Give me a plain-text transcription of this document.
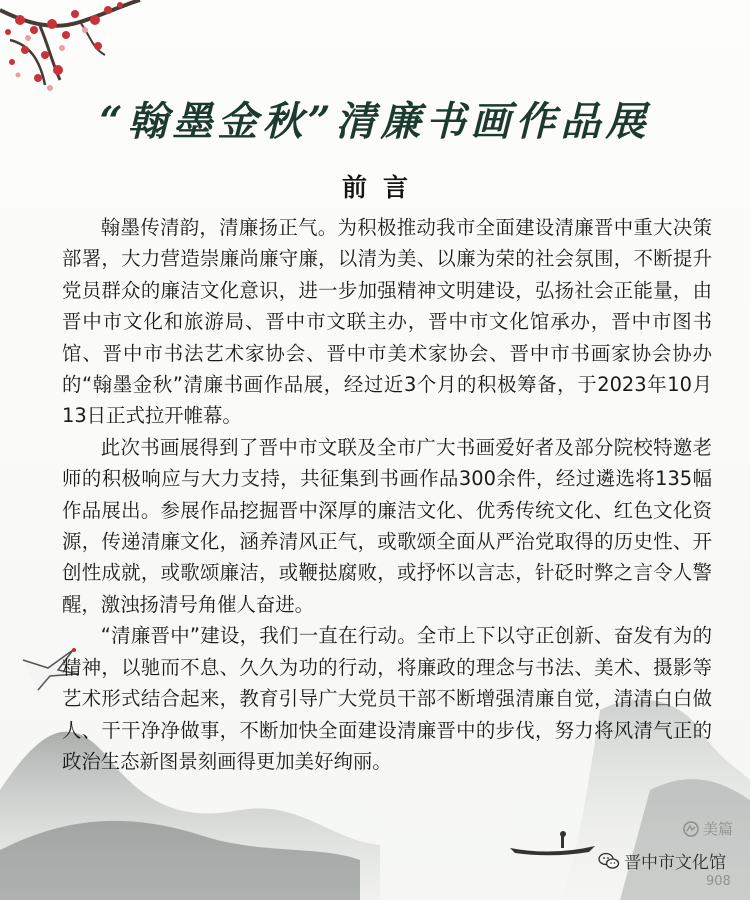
“翰墨金秋”清廉书画作品展
前言

翰墨传清韵，清廉扬正气。为积极推动我市全面建设清廉晋中重大决策部署，大力营造崇廉尚廉守廉，以清为美、以廉为荣的社会氛围，不断提升党员群众的廉洁文化意识，进一步加强精神文明建设，弘扬社会正能量，由晋中市文化和旅游局、晋中市文联主办，晋中市文化馆承办，晋中市图书馆、晋中市书法艺术家协会、晋中市美术家协会、晋中市书画家协会协办的“翰墨金秋”清廉书画作品展，经过近3个月的积极筹备，于2023年10月13日正式拉开帷幕。

此次书画展得到了晋中市文联及全市广大书画爱好者及部分院校特邀老师的积极响应与大力支持，共征集到书画作品300余件，经过遴选将135幅作品展出。参展作品挖掘晋中深厚的廉洁文化、优秀传统文化、红色文化资源，传递清廉文化，涵养清风正气，或歌颂全面从严治党取得的历史性、开创性成就，或歌颂廉洁，或鞭挞腐败，或抒怀以言志，针砭时弊之言令人警醒，激浊扬清号角催人奋进。

“清廉晋中”建设，我们一直在行动。全市上下以守正创新、奋发有为的精神，以驰而不息、久久为功的行动，将廉政的理念与书法、美术、摄影等艺术形式结合起来，教育引导广大党员干部不断增强清廉自觉，清清白白做人、干干净净做事，不断加快全面建设清廉晋中的步伐，努力将风清气正的政治生态新图景刻画得更加美好绚丽。

美篇
晋中市文化馆
908
